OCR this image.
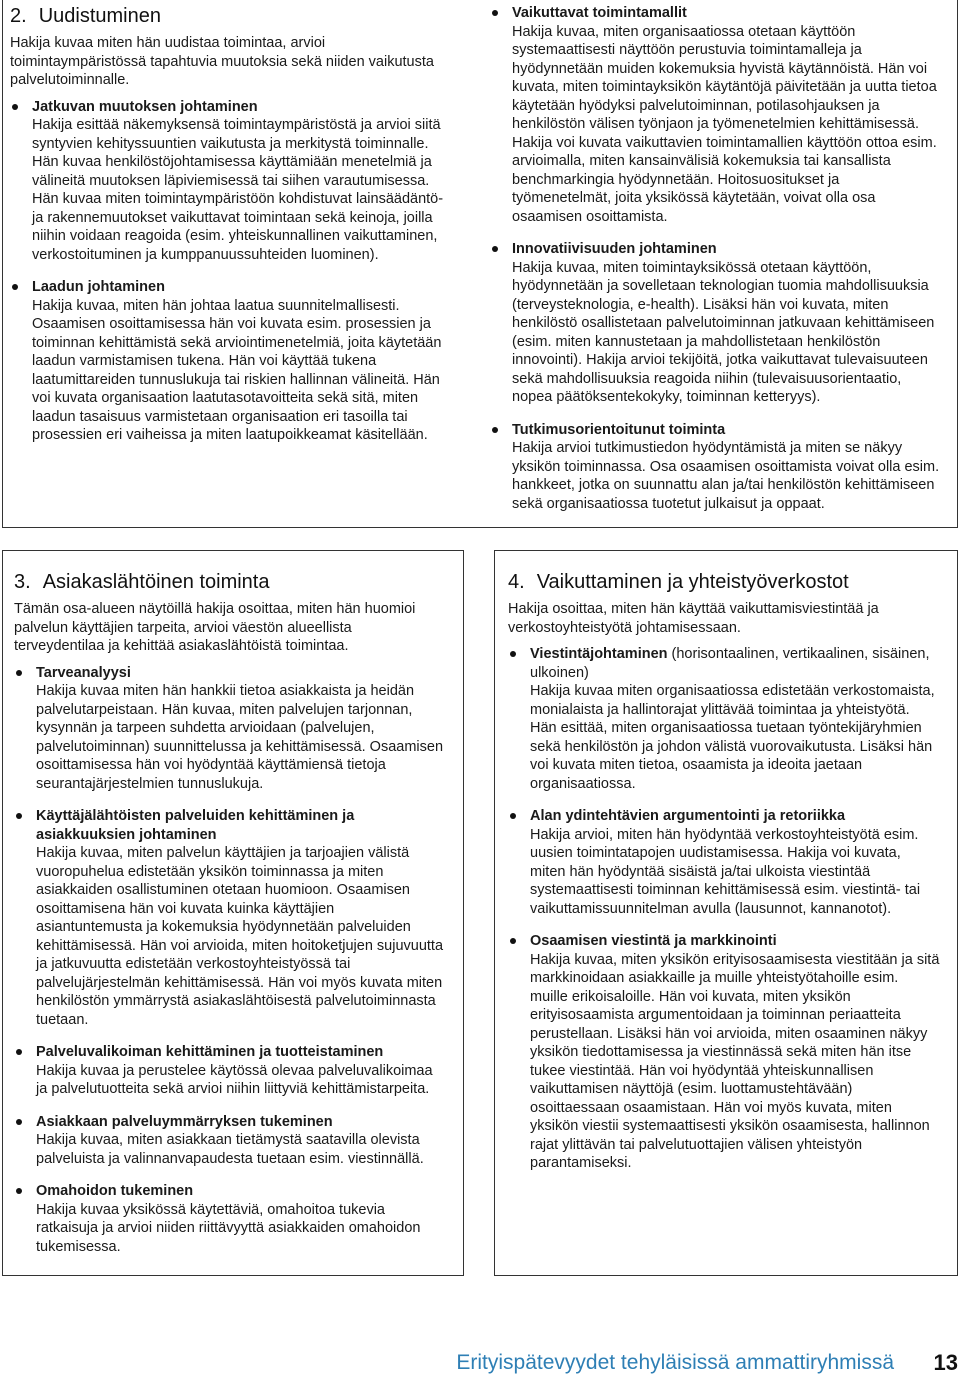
2. Uudistuminen

Hakija kuvaa miten hän uudistaa toimintaa, arvioi toimintaympäristössä tapahtuvia muutoksia sekä niiden vaikutusta palvelutoiminnalle.

Jatkuvan muutoksen johtaminen
Hakija esittää näkemyksensä toimintaympäristöstä ja arvioi siitä syntyvien kehityssuuntien vaikutusta ja merkitystä toiminnalle. Hän kuvaa henkilöstöjohtamisessa käyttämiään menetelmiä ja välineitä muutoksen läpiviemisessä tai siihen varautumisessa. Hän kuvaa miten toimintaympäristöön kohdistuvat lainsäädäntö- ja rakennemuutokset vaikuttavat toimintaan sekä keinoja, joilla niihin voidaan reagoida (esim. yhteiskunnallinen vaikuttaminen, verkostoituminen ja kumppanuussuhteiden luominen).
Laadun johtaminen
Hakija kuvaa, miten hän johtaa laatua suunnitelmallisesti. Osaamisen osoittamisessa hän voi kuvata esim. prosessien ja toiminnan kehittämistä sekä arviointimenetelmiä, joita käytetään laadun varmistamisen tukena. Hän voi käyttää tukena laatumittareiden tunnuslukuja tai riskien hallinnan välineitä. Hän voi kuvata organisaation laatutasotavoitteita sekä sitä, miten laadun tasaisuus varmistetaan organisaation eri tasoilla tai prosessien eri vaiheissa ja miten laatupoikkeamat käsitellään.
Vaikuttavat toimintamallit
Hakija kuvaa, miten organisaatiossa otetaan käyttöön systemaattisesti näyttöön perustuvia toimintamalleja ja hyödynnetään muiden kokemuksia hyvistä käytännöistä. Hän voi kuvata, miten toimintayksikön käytäntöjä päivitetään ja uutta tietoa käytetään hyödyksi palvelutoiminnan, potilasohjauksen ja henkilöstön välisen työnjaon ja työmenetelmien kehittämisessä. Hakija voi kuvata vaikuttavien toimintamallien käyttöön ottoa esim. arvioimalla, miten kansainvälisiä kokemuksia tai kansallista benchmarkingia hyödynnetään. Hoitosuositukset ja työmenetelmät, joita yksikössä käytetään, voivat olla osa osaamisen osoittamista.
Innovatiivisuuden johtaminen
Hakija kuvaa, miten toimintayksikössä otetaan käyttöön, hyödynnetään ja sovelletaan teknologian tuomia mahdollisuuksia (terveysteknologia, e-health). Lisäksi hän voi kuvata, miten henkilöstö osallistetaan palvelutoiminnan jatkuvaan kehittämiseen (esim. miten kannustetaan ja mahdollistetaan henkilöstön innovointi). Hakija arvioi tekijöitä, jotka vaikuttavat tulevaisuuteen sekä mahdollisuuksia reagoida niihin (tulevaisuusorientaatio, nopea päätöksentekokyky, toiminnan ketteryys).
Tutkimusorientoitunut toiminta
Hakija arvioi tutkimustiedon hyödyntämistä ja miten se näkyy yksikön toiminnassa. Osa osaamisen osoittamista voivat olla esim. hankkeet, jotka on suunnattu alan ja/tai henkilöstön kehittämiseen sekä organisaatiossa tuotetut julkaisut ja oppaat.
3. Asiakaslähtöinen toiminta

Tämän osa-alueen näytöillä hakija osoittaa, miten hän huomioi palvelun käyttäjien tarpeita, arvioi väestön alueellista terveydentilaa ja kehittää asiakaslähtöistä toimintaa.

Tarveanalyysi
Hakija kuvaa miten hän hankkii tietoa asiakkaista ja heidän palvelutarpeistaan. Hän kuvaa, miten palvelujen tarjonnan, kysynnän ja tarpeen suhdetta arvioidaan (palvelujen, palvelutoiminnan) suunnittelussa ja kehittämisessä. Osaamisen osoittamisessa hän voi hyödyntää käyttämiensä tietoja seurantajärjestelmien tunnuslukuja.
Käyttäjälähtöisten palveluiden kehittäminen ja asiakkuuksien johtaminen
Hakija kuvaa, miten palvelun käyttäjien ja tarjoajien välistä vuoropuhelua edistetään yksikön toiminnassa ja miten asiakkaiden osallistuminen otetaan huomioon. Osaamisen osoittamisena hän voi kuvata kuinka käyttäjien asiantuntemusta ja kokemuksia hyödynnetään palveluiden kehittämisessä. Hän voi arvioida, miten hoitoketjujen sujuvuutta ja jatkuvuutta edistetään verkostoyhteistyössä tai palvelujärjestelmän kehittämisessä. Hän voi myös kuvata miten henkilöstön ymmärrystä asiakaslähtöisestä palvelutoiminnasta tuetaan.
Palveluvalikoiman kehittäminen ja tuotteistaminen
Hakija kuvaa ja perustelee käytössä olevaa palveluvalikoimaa ja palvelutuotteita sekä arvioi niihin liittyviä kehittämistarpeita.
Asiakkaan palveluymmärryksen tukeminen
Hakija kuvaa, miten asiakkaan tietämystä saatavilla olevista palveluista ja valinnanvapaudesta tuetaan esim. viestinnällä.
Omahoidon tukeminen
Hakija kuvaa yksikössä käytettäviä, omahoitoa tukevia ratkaisuja ja arvioi niiden riittävyyttä asiakkaiden omahoidon tukemisessa.
4. Vaikuttaminen ja yhteistyöverkostot

Hakija osoittaa, miten hän käyttää vaikuttamisviestintää ja verkostoyhteistyötä johtamisessaan.

Viestintäjohtaminen (horisontaalinen, vertikaalinen, sisäinen, ulkoinen)
Hakija kuvaa miten organisaatiossa edistetään verkostomaista, monialaista ja hallintorajat ylittävää toimintaa ja yhteistyötä. Hän esittää, miten organisaatiossa tuetaan työntekijäryhmien sekä henkilöstön ja johdon välistä vuorovaikutusta. Lisäksi hän voi kuvata miten tietoa, osaamista ja ideoita jaetaan organisaatiossa.
Alan ydintehtävien argumentointi ja retoriikka
Hakija arvioi, miten hän hyödyntää verkostoyhteistyötä esim. uusien toimintatapojen uudistamisessa. Hakija voi kuvata, miten hän hyödyntää sisäistä ja/tai ulkoista viestintää systemaattisesti toiminnan kehittämisessä esim. viestintä- tai vaikuttamissuunnitelman avulla (lausunnot, kannanotot).
Osaamisen viestintä ja markkinointi
Hakija kuvaa, miten yksikön erityisosaamisesta viestitään ja sitä markkinoidaan asiakkaille ja muille yhteistyötahoille esim. muille erikoisaloille. Hän voi kuvata, miten yksikön erityisosaamista argumentoidaan ja toiminnan periaatteita perustellaan. Lisäksi hän voi arvioida, miten osaaminen näkyy yksikön tiedottamisessa ja viestinnässä sekä miten hän itse tukee viestintää. Hän voi hyödyntää yhteiskunnallisen vaikuttamisen näyttöjä (esim. luottamustehtävään) osoittaessaan osaamistaan. Hän voi myös kuvata, miten yksikön viestii systemaattisesti yksikön osaamisesta, hallinnon rajat ylittävän tai palvelutuottajien välisen yhteistyön parantamiseksi.
Erityispätevyydet tehyläisissä ammattiryhmissä 13
